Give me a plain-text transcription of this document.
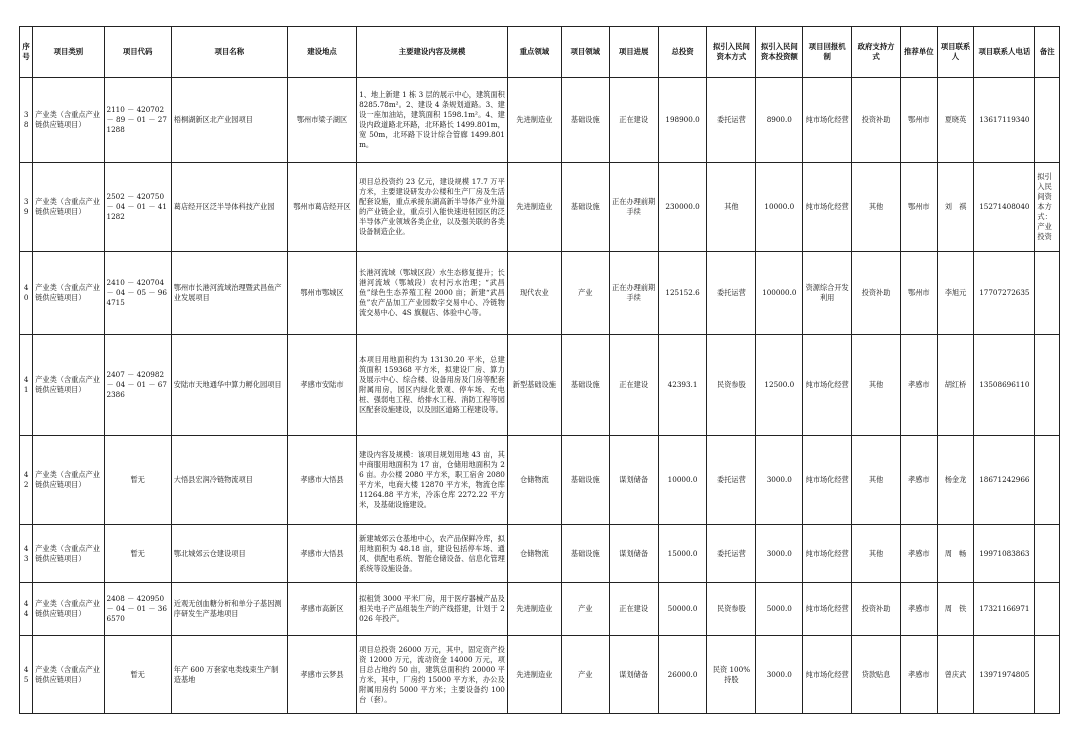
序号	项目类别	项目代码	项目名称	建设地点	主要建设内容及规模	重点领域	项目领域	项目进展	总投资	拟引入民间资本方式	拟引入民间资本投资额	项目回报机制	政府支持方式	推荐单位	项目联系人	项目联系人电话	备注
38	产业类（含重点产业链供应链项目）	2110 － 420702 － 89 － 01 － 271288	梧桐湖新区北产业园项目	鄂州市梁子湖区	1、地上新建 1 栋 3 层的展示中心，建筑面积 8285.78m²。2、建设 4 条规划道路。3、建设一座加油站，建筑面积 1598.1m²。4、建设内政道路北环路，北环路长 1499.801m，宽 50m，北环路下设计综合管廊 1499.801m。	先进制造业	基础设施	正在建设	198900.0	委托运营	8900.0	纯市场化经营	投资补助	鄂州市	夏晓英	13617119340	
39	产业类（含重点产业链供应链项目）	2502 － 420750 － 04 － 01 － 411282	葛店经开区泛半导体科技产业园	鄂州市葛店经开区	项目总投资约 23 亿元，建设规模 17.7 万平方米，主要建设研发办公楼和生产厂房及生活配套设施，重点承接东湖高新半导体产业外溢的产业链企业，重点引入能快速进驻园区的泛半导体产业领域各类企业，以及强关联的各类设备制造企业。	先进制造业	基础设施	正在办理前期手续	230000.0	其他	10000.0	纯市场化经营	其他	鄂州市	刘　祺	15271408040	拟引入民间资本方式：产业投资
40	产业类（含重点产业链供应链项目）	2410 － 420704 － 04 － 05 － 964715	鄂州市长港河流域治理暨武昌鱼产业发展项目	鄂州市鄂城区	长港河流域（鄂城区段）水生态修复提升；长港河流域（鄂城段）农村污水治理；“武昌鱼”绿色生态养殖工程 2000 亩；新建“武昌鱼”农产品加工产业园数字交易中心、冷链物流交易中心、4S 旗舰店、体验中心等。	现代农业	产业	正在办理前期手续	125152.6	委托运营	100000.0	资源综合开发利用	投资补助	鄂州市	李旭元	17707272635	
41	产业类（含重点产业链供应链项目）	2407 － 420982 － 04 － 01 － 672386	安陆市天地通华中算力孵化园项目	孝感市安陆市	本项目用地面积约为 13130.20 平米，总建筑面积 159368 平方米，拟建设厂房、算力及展示中心、综合楼、设备用房及门房等配套附属用房，园区内绿化景观、停车场、充电桩、强弱电工程、给排水工程、消防工程等园区配套设施建设，以及园区道路工程建设等。	新型基础设施	基础设施	正在建设	42393.1	民资参股	12500.0	纯市场化经营	其他	孝感市	胡红桥	13508696110	
42	产业类（含重点产业链供应链项目）	暂无	大悟县宏润冷链物流项目	孝感市大悟县	建设内容及规模：该项目规划用地 43 亩，其中商服用地面积为 17 亩，仓储用地面积为 26 亩。办公楼 2080 平方米，职工宿舍 2080 平方米，电商大楼 12870 平方米，物流仓库 11264.88 平方米，冷冻仓库 2272.22 平方米，及基础设施建设。	仓储物流	基础设施	谋划储备	10000.0	委托运营	3000.0	纯市场化经营	其他	孝感市	杨金龙	18671242966	
43	产业类（含重点产业链供应链项目）	暂无	鄂北城郊云仓建设项目	孝感市大悟县	新建城郊云仓基地中心，农产品保鲜冷库，拟用地面积为 48.18 亩，建设包括停车场、通风、供配电系统、智能仓储设备、信息化管理系统等设施设备。	仓储物流	基础设施	谋划储备	15000.0	委托运营	3000.0	纯市场化经营	其他	孝感市	周　畅	19971083863	
44	产业类（含重点产业链供应链项目）	2408 － 420950 － 04 － 01 － 366570	近观无创血糖分析和单分子基因测序研发生产基地项目	孝感市高新区	拟租赁 3000 平米厂房，用于医疗器械产品及相关电子产品组装生产的产线搭建，计划于 2026 年投产。	先进制造业	产业	正在建设	50000.0	民资参股	5000.0	纯市场化经营	投资补助	孝感市	周　铁	17321166971	
45	产业类（含重点产业链供应链项目）	暂无	年产 600 万套家电类线束生产制造基地	孝感市云梦县	项目总投资 26000 万元，其中，固定资产投资 12000 万元，流动资金 14000 万元，项目总占地约 50 亩，建筑总面积约 20000 平方米，其中，厂房约 15000 平方米，办公及附属用房约 5000 平方米；主要设备约 100 台（套）。	先进制造业	产业	谋划储备	26000.0	民资 100% 持股	3000.0	纯市场化经营	贷款贴息	孝感市	曾庆武	13971974805	
